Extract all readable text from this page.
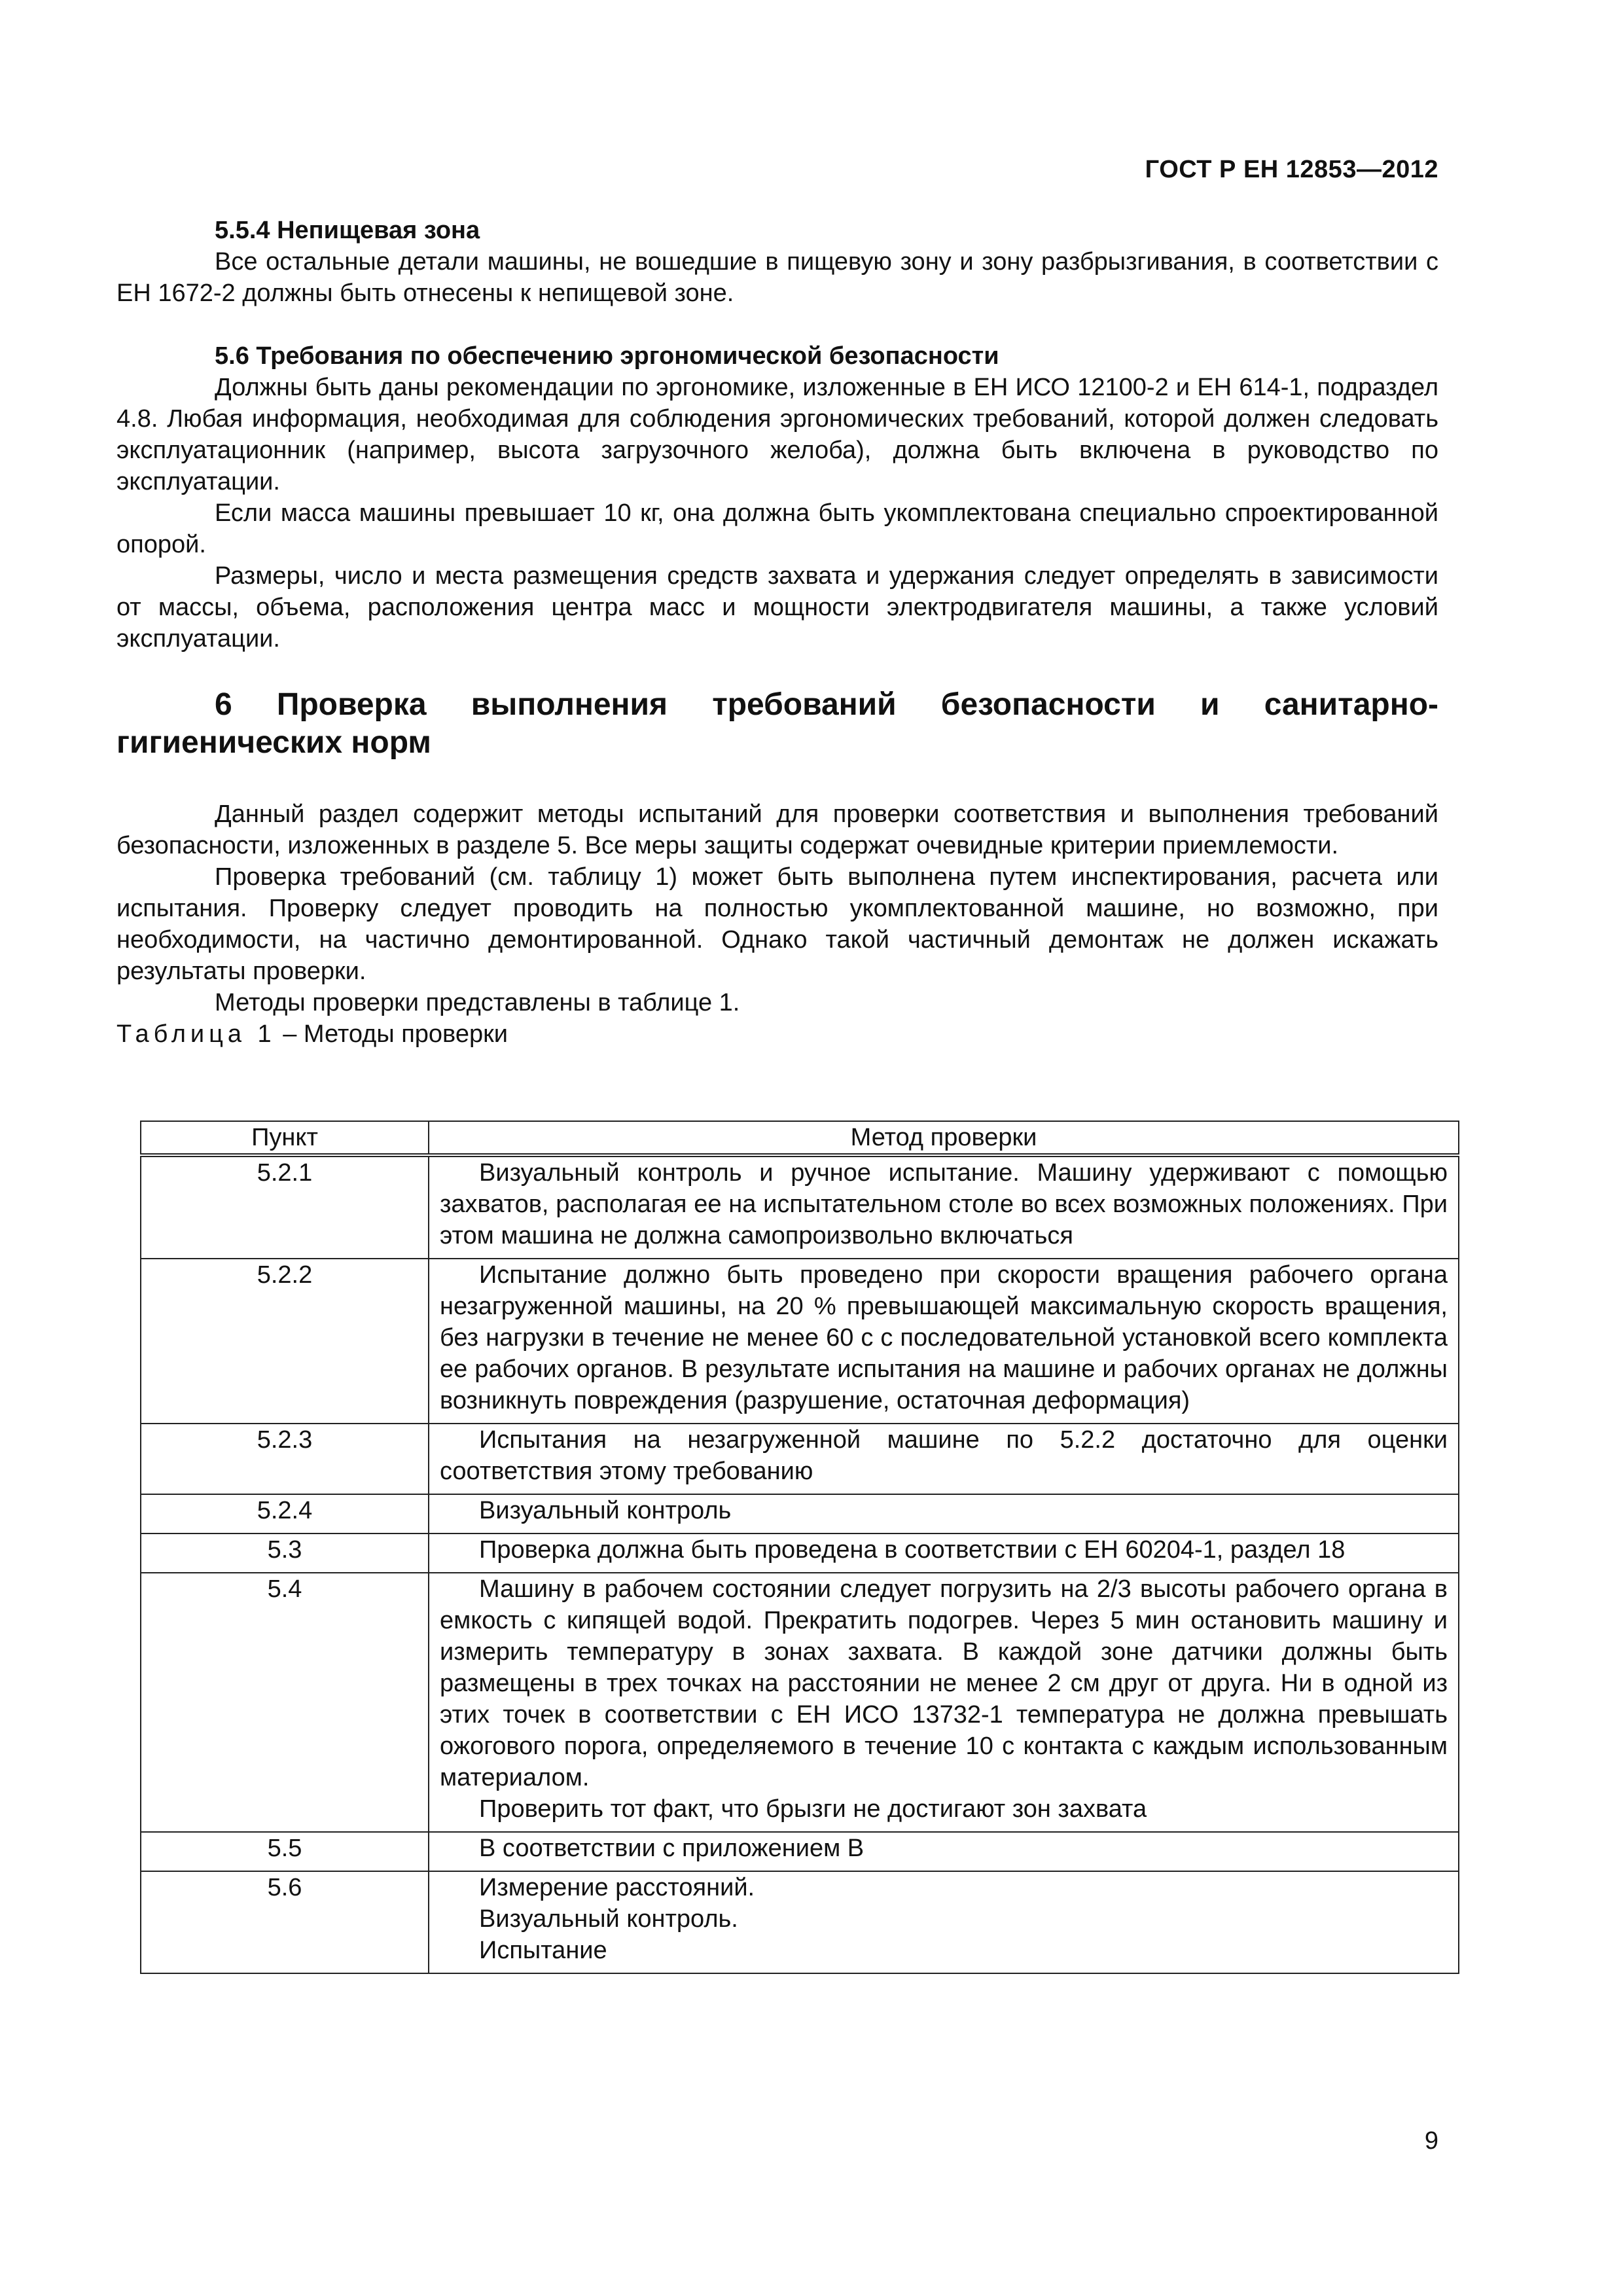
ГОСТ Р ЕН 12853—2012

5.5.4 Непищевая зона

Все остальные детали машины, не вошедшие в пищевую зону и зону разбрызгивания, в соответствии с ЕН 1672-2 должны быть отнесены к непищевой зоне.

5.6 Требования по обеспечению эргономической безопасности

Должны быть даны рекомендации по эргономике, изложенные в ЕН ИСО 12100-2 и ЕН 614-1, подраздел 4.8. Любая информация, необходимая для соблюдения эргономических требований, которой должен следовать эксплуатационник (например, высота загрузочного желоба), должна быть включена в руководство по эксплуатации.

Если масса машины превышает 10 кг, она должна быть укомплектована специально спроектированной опорой.

Размеры, число и места размещения средств захвата и удержания следует определять в зависимости от массы, объема, расположения центра масс и мощности электродвигателя машины, а также условий эксплуатации.

6 Проверка выполнения требований безопасности и санитарно-гигиенических норм

Данный раздел содержит методы испытаний для проверки соответствия и выполнения требований безопасности, изложенных в разделе 5. Все меры защиты содержат очевидные критерии приемлемости.

Проверка требований (см. таблицу 1) может быть выполнена путем инспектирования, расчета или испытания. Проверку следует проводить на полностью укомплектованной машине, но возможно, при необходимости, на частично демонтированной. Однако такой частичный демонтаж не должен искажать результаты проверки.

Методы проверки представлены в таблице 1.

Таблица 1 – Методы проверки

Пункт	Метод проверки
5.2.1	Визуальный контроль и ручное испытание. Машину удерживают с помощью захватов, располагая ее на испытательном столе во всех возможных положениях. При этом машина не должна самопроизвольно включаться

5.2.2	Испытание должно быть проведено при скорости вращения рабочего органа незагруженной машины, на 20 % превышающей максимальную скорость вращения, без нагрузки в течение не менее 60 с с последовательной установкой всего комплекта ее рабочих органов. В результате испытания на машине и рабочих органах не должны возникнуть повреждения (разрушение, остаточная деформация)

5.2.3	Испытания на незагруженной машине по 5.2.2 достаточно для оценки соответствия этому требованию

5.2.4	Визуальный контроль

5.3	Проверка должна быть проведена в соответствии с ЕН 60204-1, раздел 18

5.4	Машину в рабочем состоянии следует погрузить на 2/3 высоты рабочего органа в емкость с кипящей водой. Прекратить подогрев. Через 5 мин остановить машину и измерить температуру в зонах захвата. В каждой зоне датчики должны быть размещены в трех точках на расстоянии не менее 2 см друг от друга. Ни в одной из этих точек в соответствии с ЕН ИСО 13732-1 температура не должна превышать ожогового порога, определяемого в течение 10 с контакта с каждым использованным материалом.
Проверить тот факт, что брызги не достигают зон захвата

5.5	В соответствии с приложением В

5.6	Измерение расстояний.
Визуальный контроль.
Испытание
9
